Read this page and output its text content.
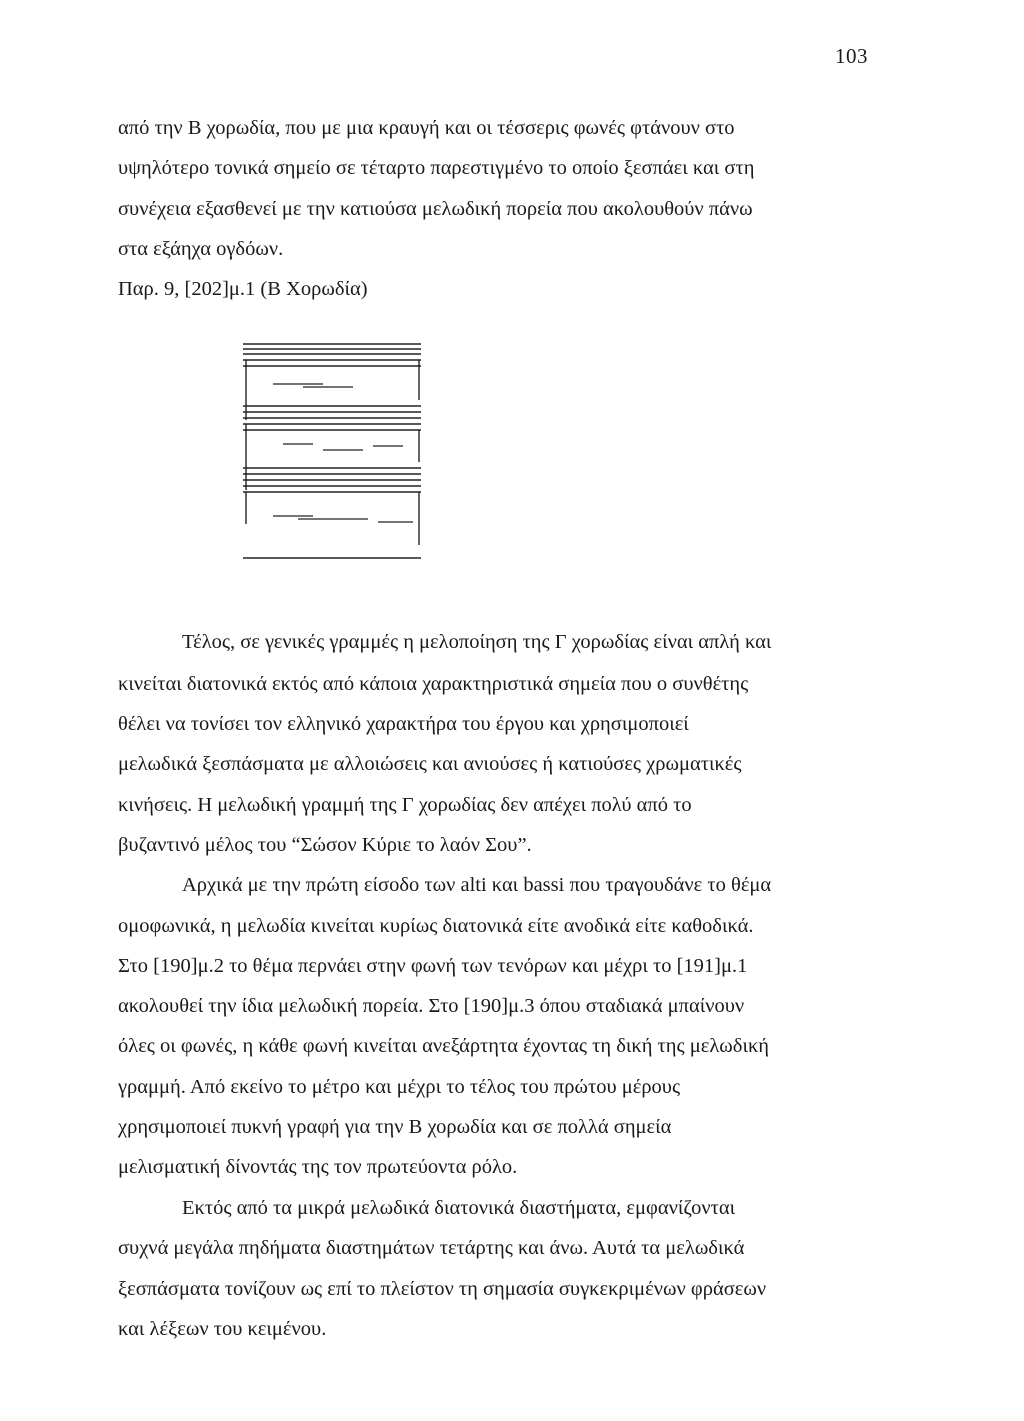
103
από την Β χορωδία, που με μια κραυγή και οι τέσσερις φωνές φτάνουν στο
υψηλότερο τονικά σημείο σε τέταρτο παρεστιγμένο το οποίο ξεσπάει και στη
συνέχεια εξασθενεί με την κατιούσα μελωδική πορεία που ακολουθούν πάνω
στα εξάηχα ογδόων.
Παρ. 9, [202]μ.1 (Β Χορωδία)
Τέλος, σε γενικές γραμμές η μελοποίηση της Γ χορωδίας είναι απλή και
κινείται διατονικά εκτός από κάποια χαρακτηριστικά σημεία που ο συνθέτης
θέλει να τονίσει τον ελληνικό χαρακτήρα του έργου και χρησιμοποιεί
μελωδικά ξεσπάσματα με αλλοιώσεις και ανιούσες ή κατιούσες χρωματικές
κινήσεις. Η μελωδική γραμμή της Γ χορωδίας δεν απέχει πολύ από το
βυζαντινό μέλος του “Σώσον Κύριε το λαόν Σου”.
Αρχικά με την πρώτη είσοδο των alti και bassi που τραγουδάνε το θέμα
ομοφωνικά, η μελωδία κινείται κυρίως διατονικά είτε ανοδικά είτε καθοδικά.
Στο [190]μ.2 το θέμα περνάει στην φωνή των τενόρων και μέχρι το [191]μ.1
ακολουθεί την ίδια μελωδική πορεία. Στο [190]μ.3 όπου σταδιακά μπαίνουν
όλες οι φωνές, η κάθε φωνή κινείται ανεξάρτητα έχοντας τη δική της μελωδική
γραμμή. Από εκείνο το μέτρο και μέχρι το τέλος του πρώτου μέρους
χρησιμοποιεί πυκνή γραφή για την Β χορωδία και σε πολλά σημεία
μελισματική δίνοντάς της τον πρωτεύοντα ρόλο.
Εκτός από τα μικρά μελωδικά διατονικά διαστήματα, εμφανίζονται
συχνά μεγάλα πηδήματα διαστημάτων τετάρτης και άνω. Αυτά τα μελωδικά
ξεσπάσματα τονίζουν ως επί το πλείστον τη σημασία συγκεκριμένων φράσεων
και λέξεων του κειμένου.
